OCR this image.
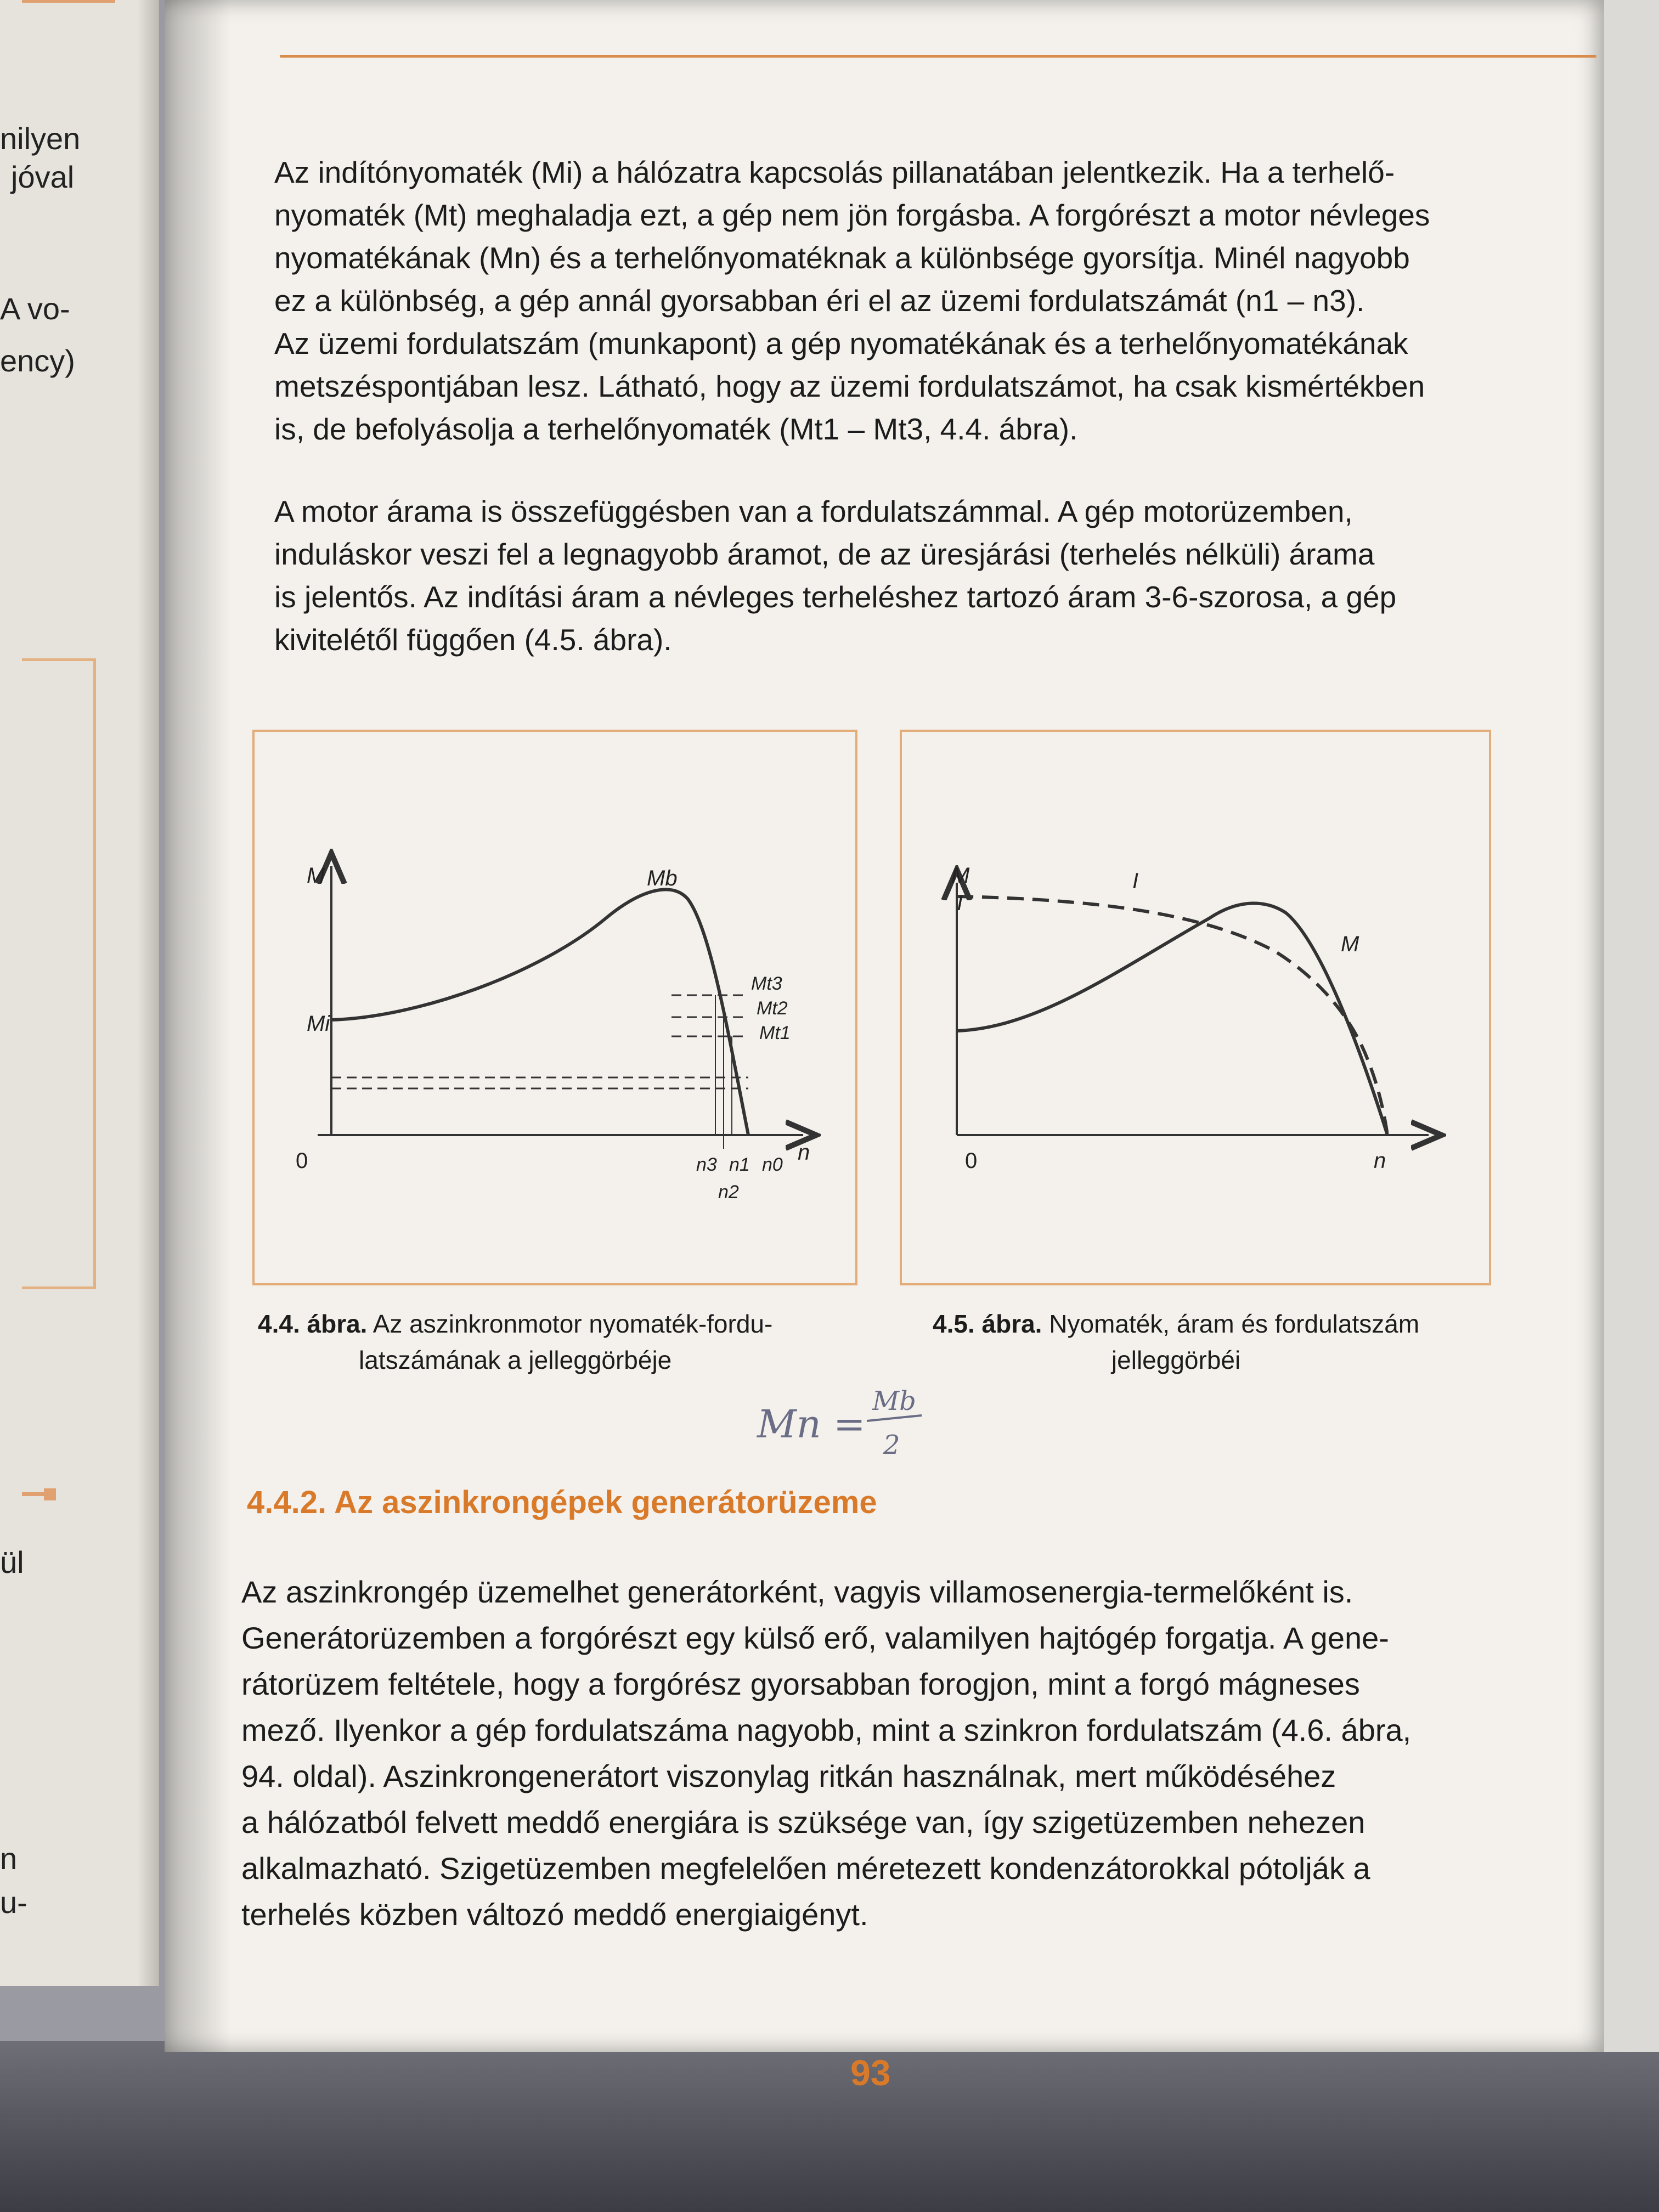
nilyen
jóval
A vo-
ency)
ül
n
u-

Az indítónyomaték (Mi) a hálózatra kapcsolás pillanatában jelentkezik. Ha a terhelő-

nyomaték (Mt) meghaladja ezt, a gép nem jön forgásba. A forgórészt a motor névleges

nyomatékának (Mn) és a terhelőnyomatéknak a különbsége gyorsítja. Minél nagyobb

ez a különbség, a gép annál gyorsabban éri el az üzemi fordulatszámát (n1 – n3).

Az üzemi fordulatszám (munkapont) a gép nyomatékának és a terhelőnyomatékának

metszéspontjában lesz. Látható, hogy az üzemi fordulatszámot, ha csak kismértékben

is, de befolyásolja a terhelőnyomaték (Mt1 – Mt3, 4.4. ábra).

A motor árama is összefüggésben van a fordulatszámmal. A gép motorüzemben,

induláskor veszi fel a legnagyobb áramot, de az üresjárási (terhelés nélküli) árama

is jelentős. Az indítási áram a névleges terheléshez tartozó áram 3-6-szorosa, a gép

kivitelétől függően (4.5. ábra).

M
Mi
Mb
Mt3
Mt2
Mt1
0	n
n3 n1 n0
n2
M
I
I
M
0	n
4.4. ábra. Az aszinkronmotor nyomaték-fordu-
latszámának a jelleggörbéje
4.5. ábra. Nyomaték, áram és fordulatszám
jelleggörbéi
Mn =
Mb
2
4.4.2. Az aszinkrongépek generátorüzeme

Az aszinkrongép üzemelhet generátorként, vagyis villamosenergia-termelőként is.

Generátorüzemben a forgórészt egy külső erő, valamilyen hajtógép forgatja. A gene-

rátorüzem feltétele, hogy a forgórész gyorsabban forogjon, mint a forgó mágneses

mező. Ilyenkor a gép fordulatszáma nagyobb, mint a szinkron fordulatszám (4.6. ábra,

94. oldal). Aszinkrongenerátort viszonylag ritkán használnak, mert működéséhez

a hálózatból felvett meddő energiára is szüksége van, így szigetüzemben nehezen

alkalmazható. Szigetüzemben megfelelően méretezett kondenzátorokkal pótolják a

terhelés közben változó meddő energiaigényt.

93
